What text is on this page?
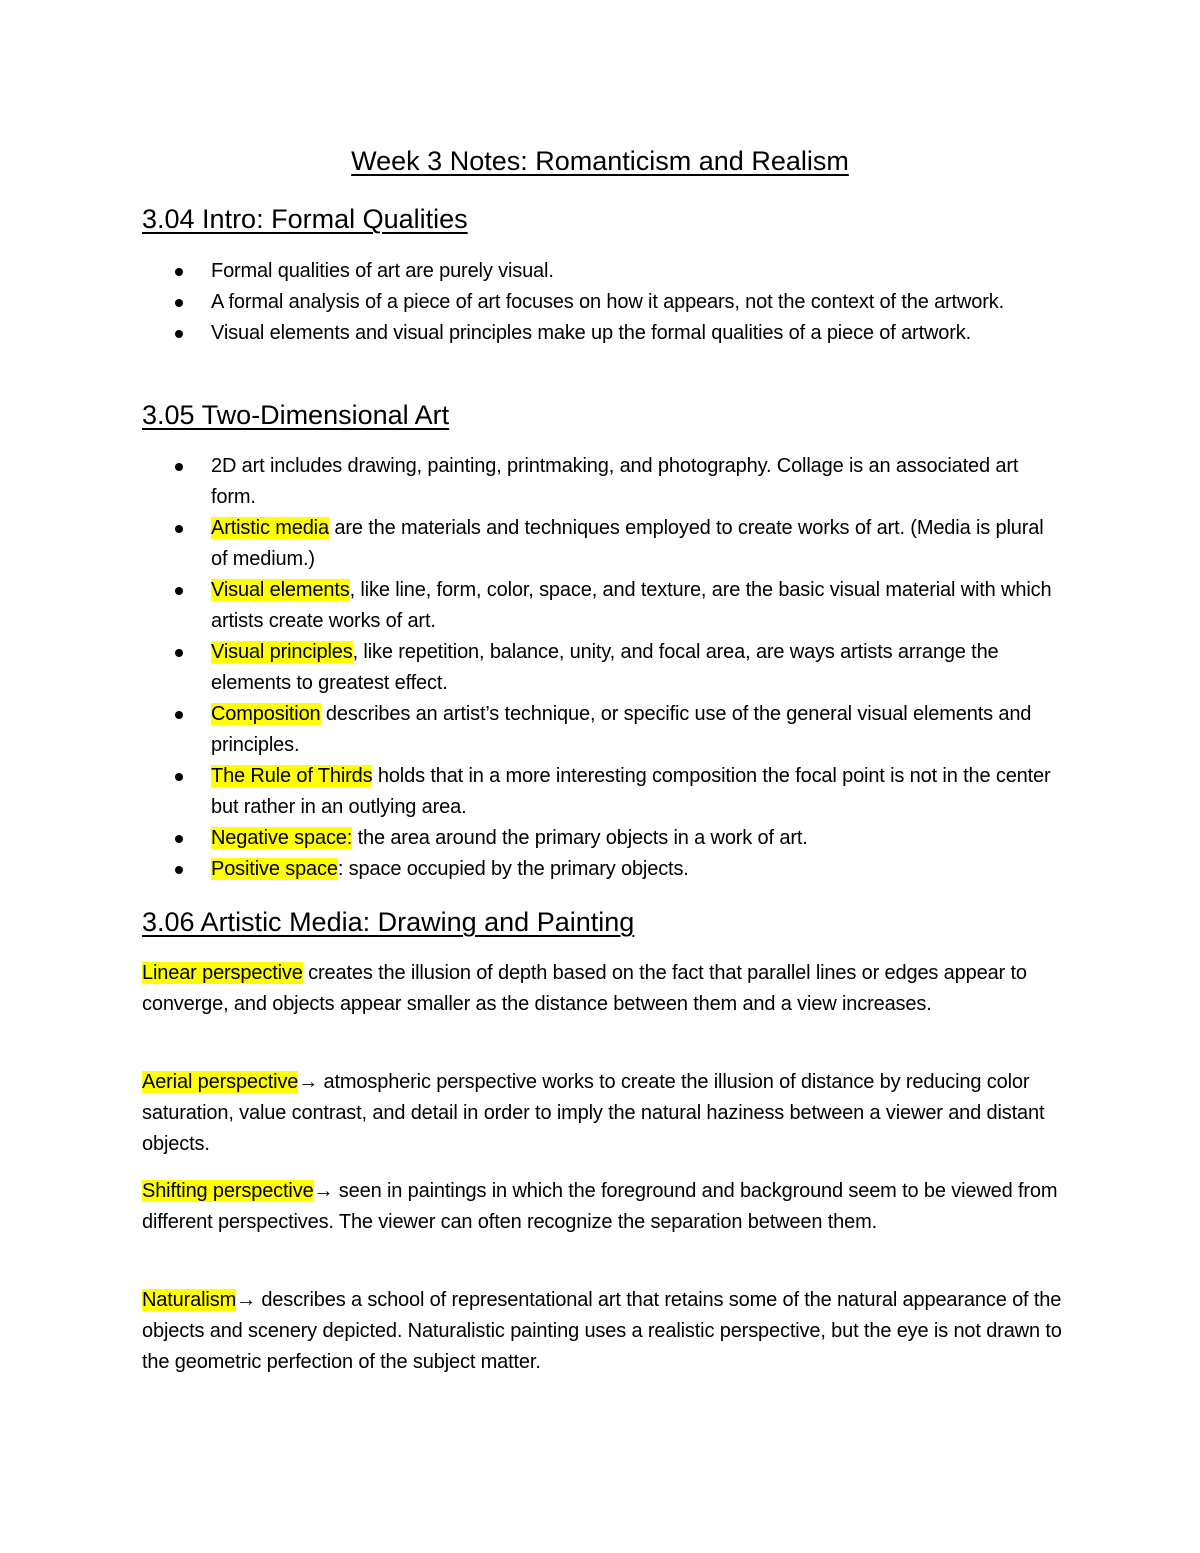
Week 3 Notes: Romanticism and Realism
3.04 Intro: Formal Qualities
Formal qualities of art are purely visual.
A formal analysis of a piece of art focuses on how it appears, not the context of the artwork.
Visual elements and visual principles make up the formal qualities of a piece of artwork.
3.05 Two-Dimensional Art
2D art includes drawing, painting, printmaking, and photography. Collage is an associated art form.
Artistic media are the materials and techniques employed to create works of art. (Media is plural of medium.)
Visual elements, like line, form, color, space, and texture, are the basic visual material with which artists create works of art.
Visual principles, like repetition, balance, unity, and focal area, are ways artists arrange the elements to greatest effect.
Composition describes an artist’s technique, or specific use of the general visual elements and principles.
The Rule of Thirds holds that in a more interesting composition the focal point is not in the center but rather in an outlying area.
Negative space: the area around the primary objects in a work of art.
Positive space: space occupied by the primary objects.
3.06 Artistic Media: Drawing and Painting

Linear perspective creates the illusion of depth based on the fact that parallel lines or edges appear to converge, and objects appear smaller as the distance between them and a view increases.

Aerial perspective→ atmospheric perspective works to create the illusion of distance by reducing color saturation, value contrast, and detail in order to imply the natural haziness between a viewer and distant objects.

Shifting perspective→ seen in paintings in which the foreground and background seem to be viewed from different perspectives. The viewer can often recognize the separation between them.

Naturalism→ describes a school of representational art that retains some of the natural appearance of the objects and scenery depicted. Naturalistic painting uses a realistic perspective, but the eye is not drawn to the geometric perfection of the subject matter.
